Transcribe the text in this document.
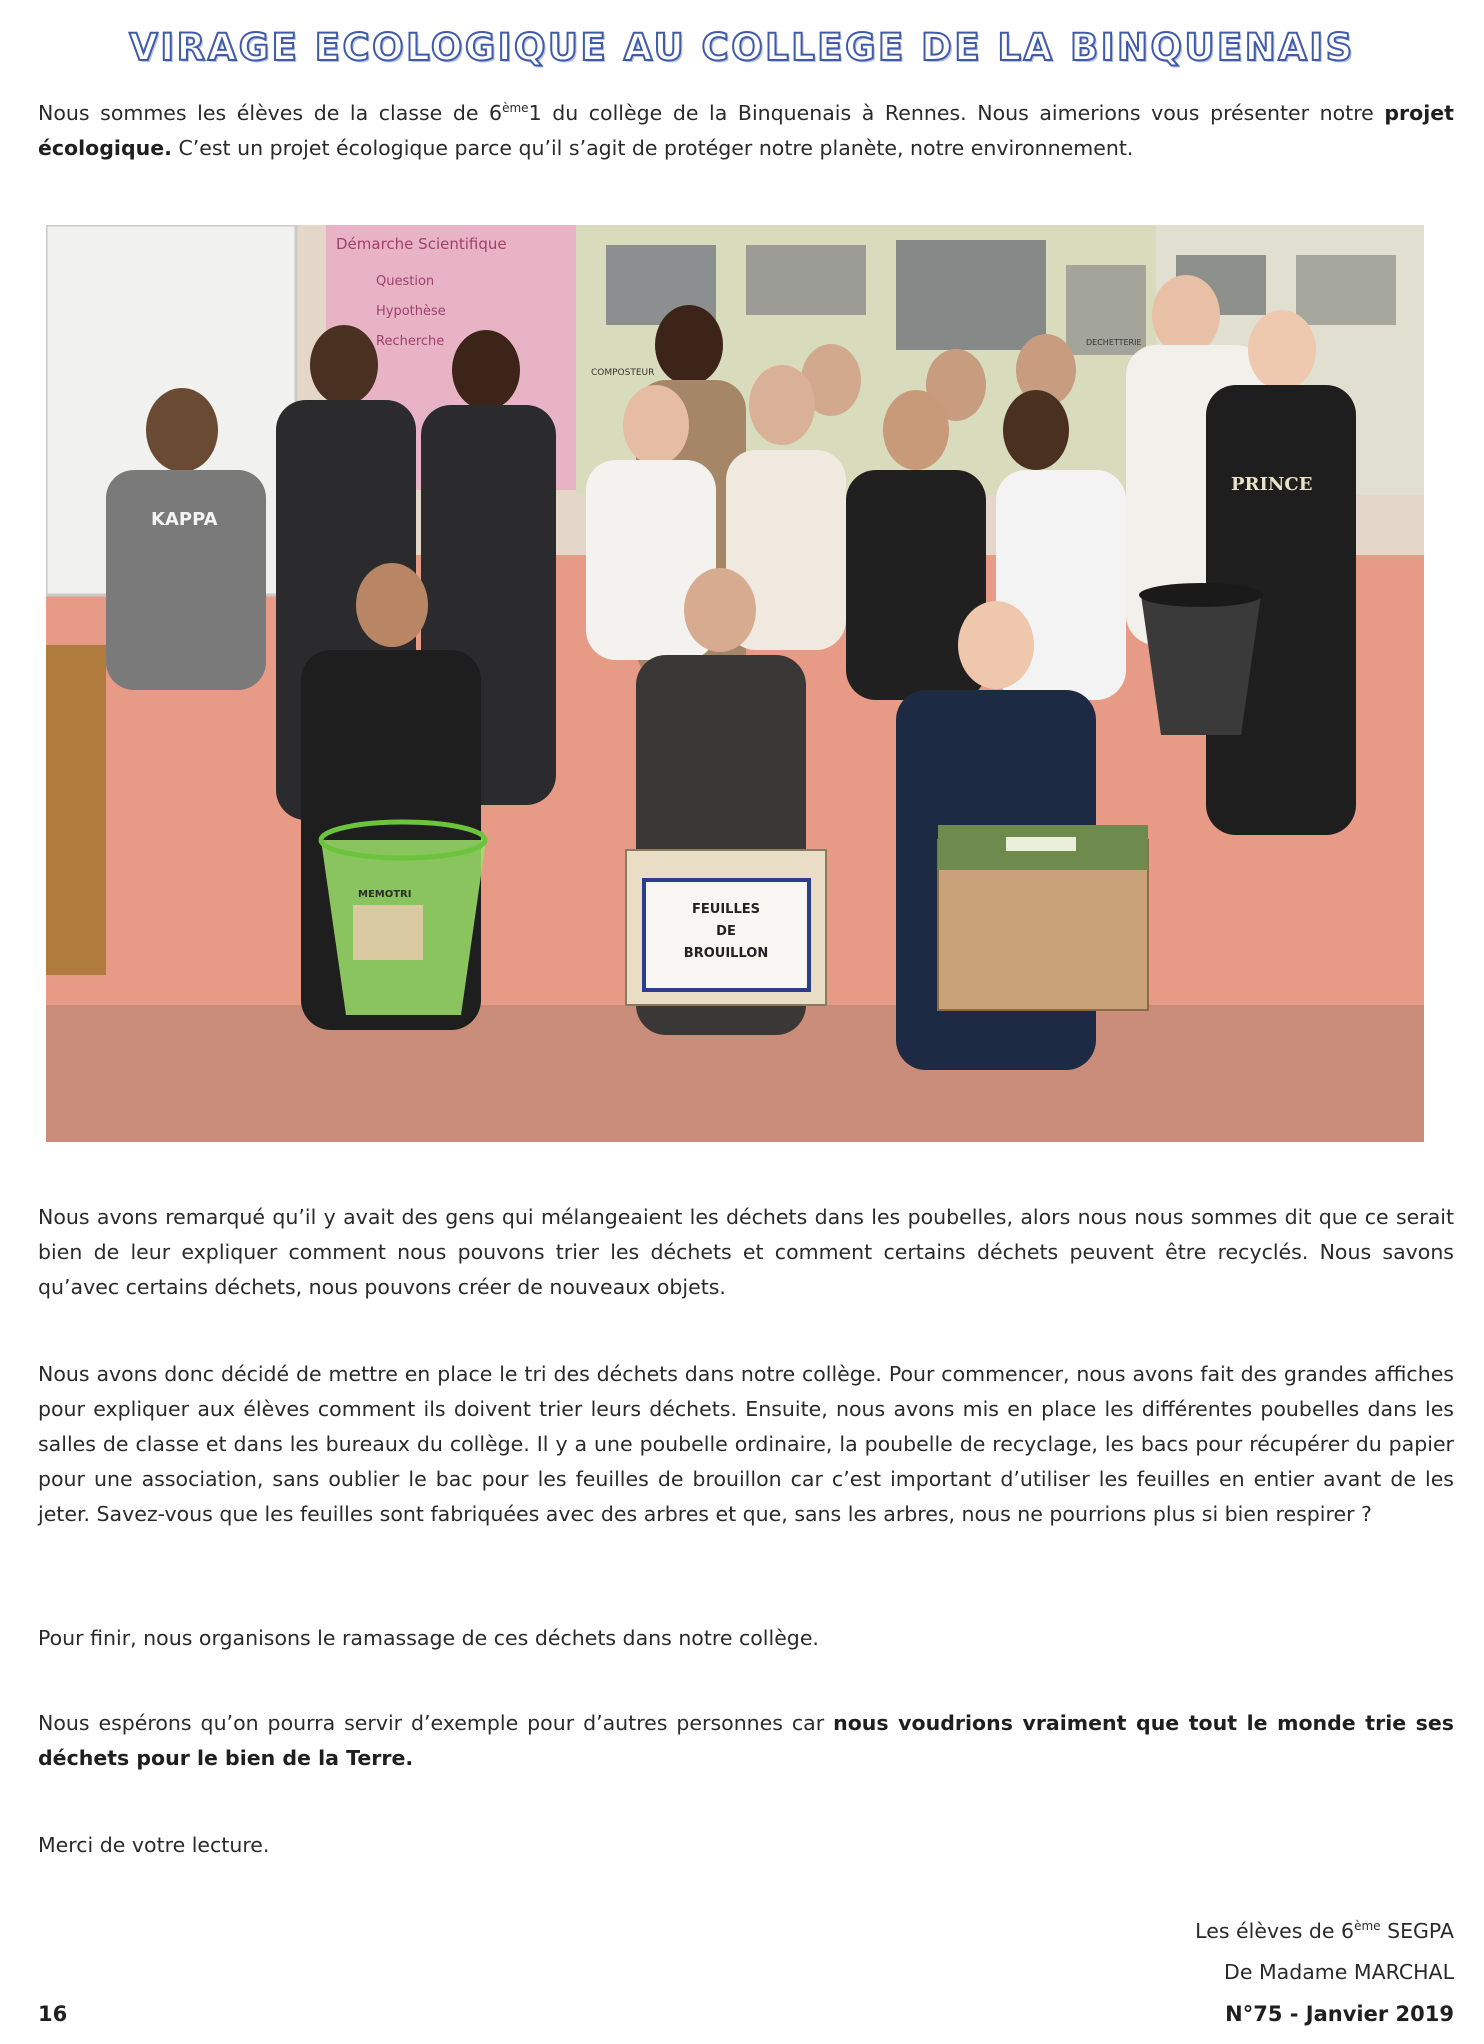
VIRAGE ECOLOGIQUE AU COLLEGE DE LA BINQUENAIS

Nous sommes les élèves de la classe de 6ème1 du collège de la Binquenais à Rennes. Nous aimerions vous présenter notre projet écologique. C’est un projet écologique parce qu’il s’agit de protéger notre planète, notre environnement.

Démarche Scientifique
Question
Hypothèse
Recherche
COMPOSTEUR
DECHETTERIE
KAPPA
PRINCE
MEMOTRI
FEUILLES
DE
BROUILLON

Nous avons remarqué qu’il y avait des gens qui mélangeaient les déchets dans les poubelles, alors nous nous sommes dit que ce serait bien de leur expliquer comment nous pouvons trier les déchets et comment certains déchets peuvent être recyclés. Nous savons qu’avec certains déchets, nous pouvons créer de nouveaux objets.

Nous avons donc décidé de mettre en place le tri des déchets dans notre collège. Pour commencer, nous avons fait des grandes affiches pour expliquer aux élèves comment ils doivent trier leurs déchets. Ensuite, nous avons mis en place les différentes poubelles dans les salles de classe et dans les bureaux du collège. Il y a une poubelle ordinaire, la poubelle de recyclage, les bacs pour récupérer du papier pour une association, sans oublier le bac pour les feuilles de brouillon car c’est important d’utiliser les feuilles en entier avant de les jeter. Savez-vous que les feuilles sont fabriquées avec des arbres et que, sans les arbres, nous ne pourrions plus si bien respirer ?

Pour finir, nous organisons le ramassage de ces déchets dans notre collège.

Nous espérons qu’on pourra servir d’exemple pour d’autres personnes car nous voudrions vraiment que tout le monde trie ses déchets pour le bien de la Terre.

Merci de votre lecture.

Les élèves de 6ème SEGPA
De Madame MARCHAL
16	N°75 - Janvier 2019
